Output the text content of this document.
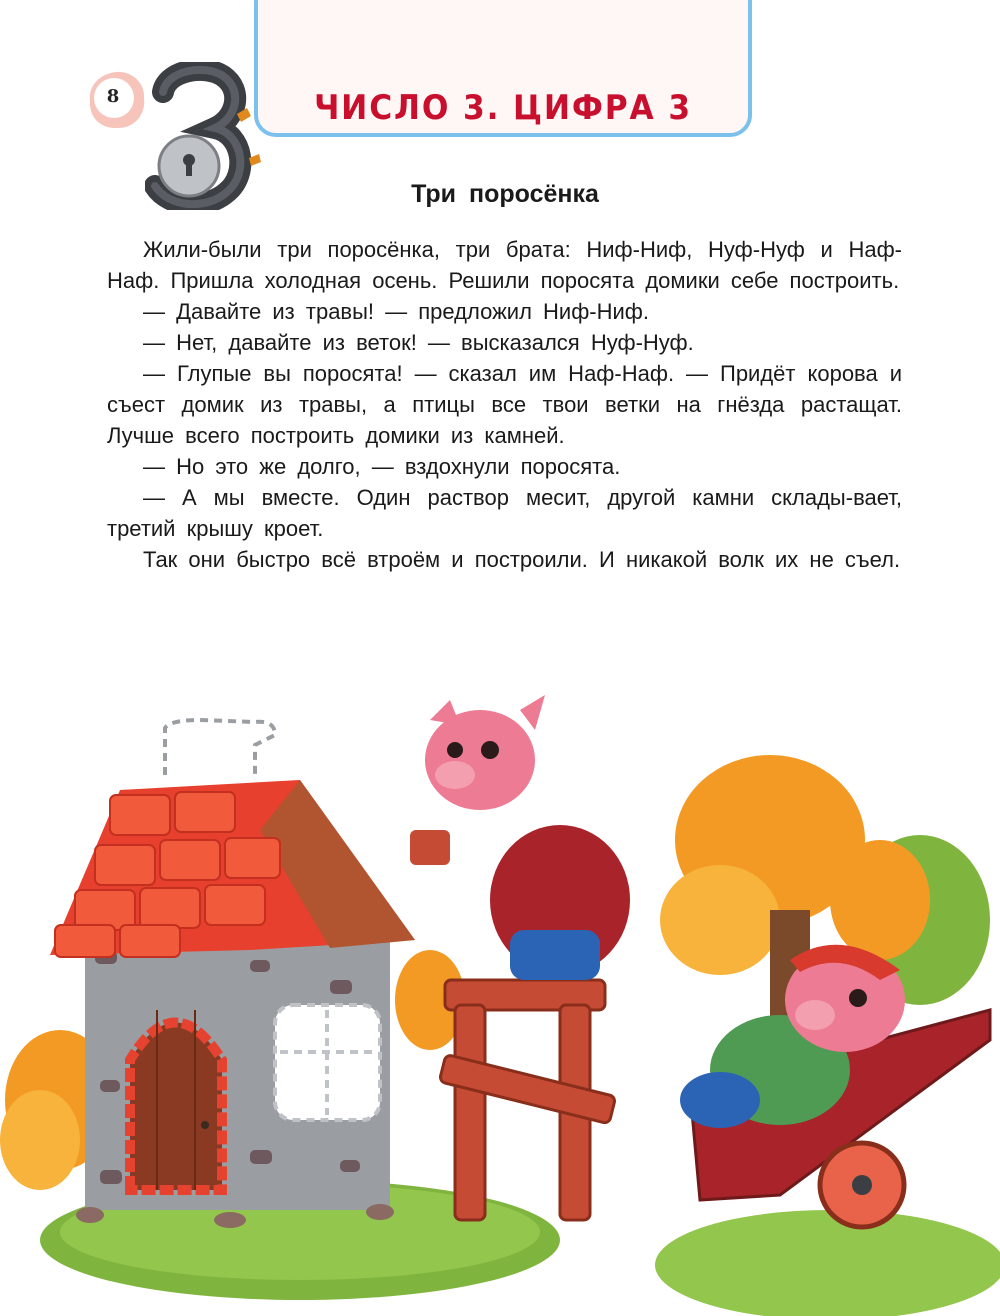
ЧИСЛО 3. ЦИФРА 3
8
Три поросёнка

Жили-были три поросёнка, три брата: Ниф-Ниф, Нуф-Нуф и Наф-Наф. Пришла холодная осень. Решили поросята домики себе построить.

— Давайте из травы! — предложил Ниф-Ниф.

— Нет, давайте из веток! — высказался Нуф-Нуф.

— Глупые вы поросята! — сказал им Наф-Наф. — Придёт корова и съест домик из травы, а птицы все твои ветки на гнёзда растащат. Лучше всего построить домики из камней.

— Но это же долго, — вздохнули поросята.

— А мы вместе. Один раствор месит, другой камни склады-вает, третий крышу кроет.

Так они быстро всё втроём и построили. И никакой волк их не съел.
